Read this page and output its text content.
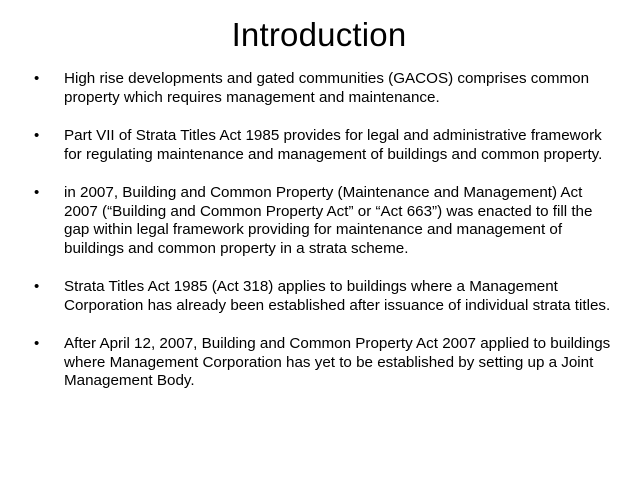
Introduction
•	High rise developments and gated communities (GACOS) comprises common property which requires management and maintenance.
•	Part VII of Strata Titles Act 1985 provides for legal and administrative framework for regulating maintenance and management of buildings and common property.
•	in 2007, Building and Common Property (Maintenance and Management) Act 2007 (“Building and Common Property Act” or “Act 663”) was enacted to fill the gap within legal framework providing for maintenance and management of buildings and common property in a strata scheme.
•	Strata Titles Act 1985 (Act 318) applies to buildings where a Management Corporation has already been established after issuance of individual strata titles.
•	After April 12, 2007, Building and Common Property Act 2007 applied to buildings where Management Corporation has yet to be established by setting up a Joint Management Body.
